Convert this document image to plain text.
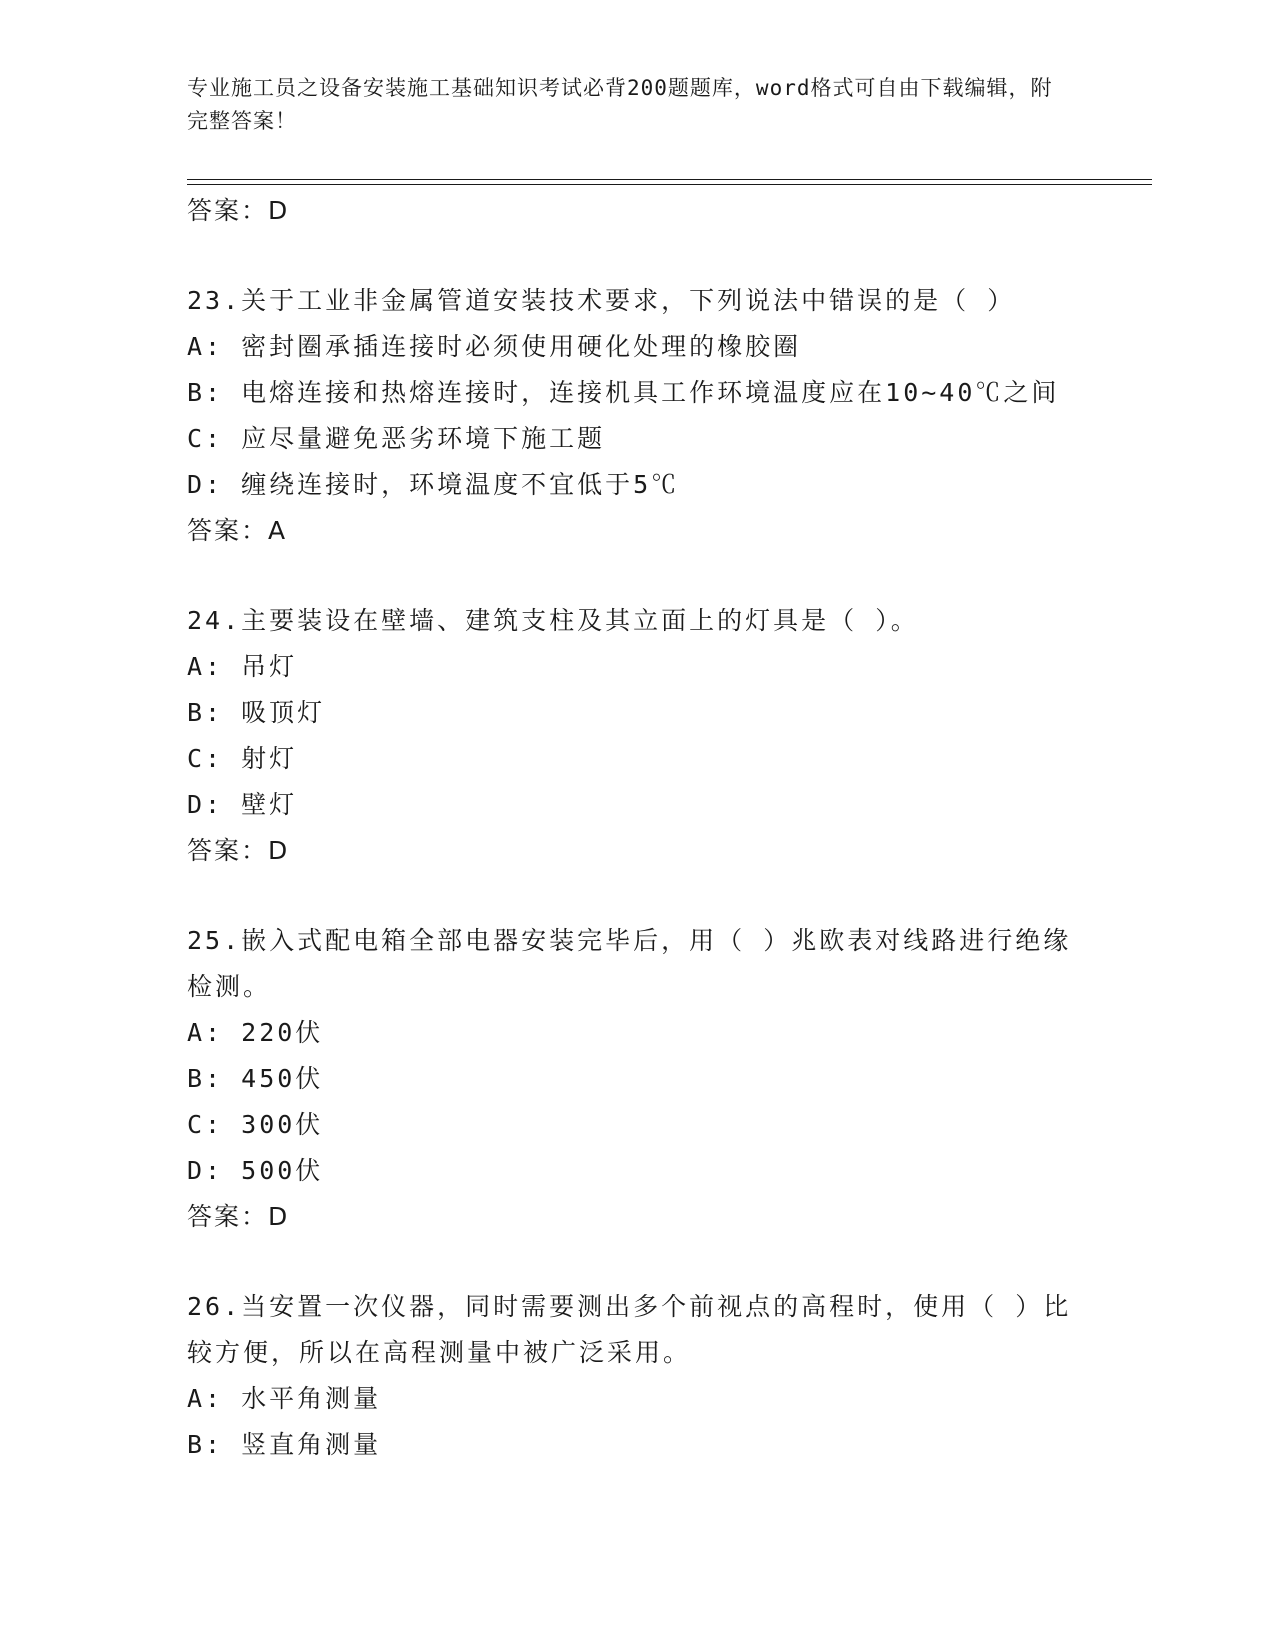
专业施工员之设备安装施工基础知识考试必背200题题库，word格式可自由下载编辑，附完整答案！
答案：D
23.关于工业非金属管道安装技术要求，下列说法中错误的是（ ）
A: 密封圈承插连接时必须使用硬化处理的橡胶圈
B: 电熔连接和热熔连接时，连接机具工作环境温度应在10~40℃之间
C: 应尽量避免恶劣环境下施工题
D: 缠绕连接时，环境温度不宜低于5℃
答案：A
24.主要装设在壁墙、建筑支柱及其立面上的灯具是（ ）。
A: 吊灯
B: 吸顶灯
C: 射灯
D: 壁灯
答案：D
25.嵌入式配电箱全部电器安装完毕后，用（ ）兆欧表对线路进行绝缘检测。
A: 220伏
B: 450伏
C: 300伏
D: 500伏
答案：D
26.当安置一次仪器，同时需要测出多个前视点的高程时，使用（ ）比较方便，所以在高程测量中被广泛采用。
A: 水平角测量
B: 竖直角测量
